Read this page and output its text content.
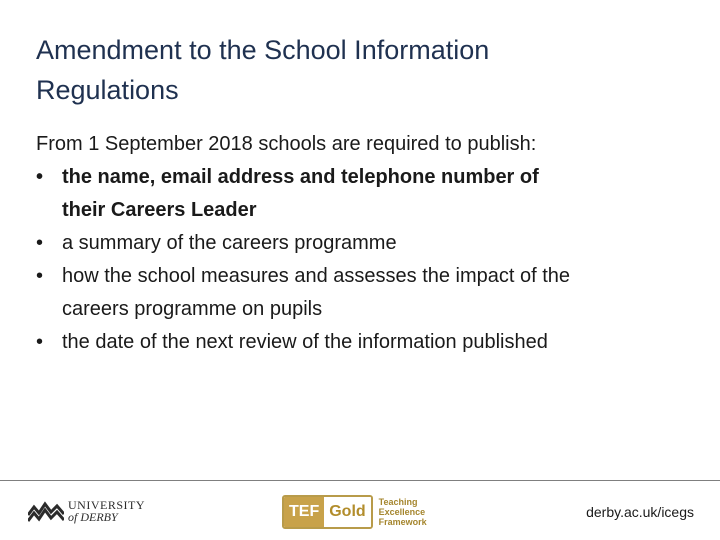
Amendment to the School Information
Regulations

From 1 September 2018 schools are required to publish:

• the name, email address and telephone number of
their Careers Leader
• a summary of the careers programme
• how the school measures and assesses the impact of the
careers programme on pupils
• the date of the next review of the information published
UNIVERSITY
of DERBY	TEF Gold
Teaching
Excellence
Framework
derby.ac.uk/icegs
